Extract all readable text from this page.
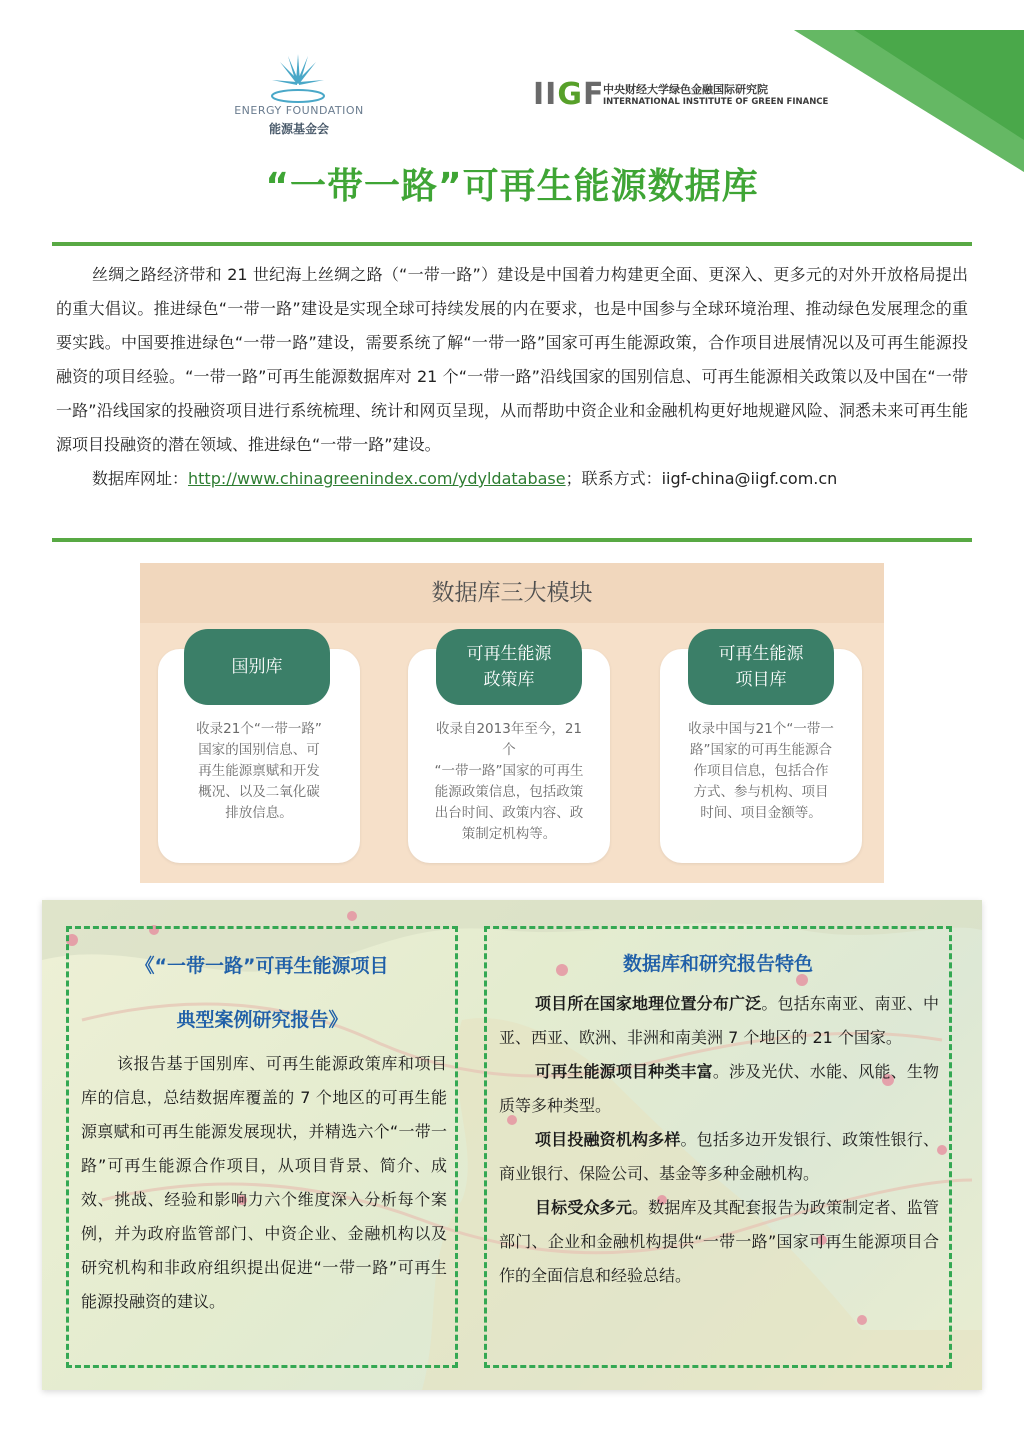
ENERGY FOUNDATION
能源基金会
IIGF
中央财经大学绿色金融国际研究院
INTERNATIONAL INSTITUTE OF GREEN FINANCE
“一带一路”可再生能源数据库

丝绸之路经济带和 21 世纪海上丝绸之路（“一带一路”）建设是中国着力构建更全面、更深入、更多元的对外开放格局提出的重大倡议。推进绿色“一带一路”建设是实现全球可持续发展的内在要求，也是中国参与全球环境治理、推动绿色发展理念的重要实践。中国要推进绿色“一带一路”建设，需要系统了解“一带一路”国家可再生能源政策，合作项目进展情况以及可再生能源投融资的项目经验。“一带一路”可再生能源数据库对 21 个“一带一路”沿线国家的国别信息、可再生能源相关政策以及中国在“一带一路”沿线国家的投融资项目进行系统梳理、统计和网页呈现，从而帮助中资企业和金融机构更好地规避风险、洞悉未来可再生能源项目投融资的潜在领域、推进绿色“一带一路”建设。

数据库网址：http://www.chinagreenindex.com/ydyldatabase；联系方式：iigf-china@iigf.com.cn

数据库三大模块
收录21个“一带一路”
国家的国别信息、可
再生能源禀赋和开发
概况、以及二氧化碳
排放信息。
收录自2013年至今，21个
“一带一路”国家的可再生
能源政策信息，包括政策
出台时间、政策内容、政
策制定机构等。
收录中国与21个“一带一
路”国家的可再生能源合
作项目信息，包括合作
方式、参与机构、项目
时间、项目金额等。
国别库
可再生能源
政策库
可再生能源
项目库
《“一带一路”可再生能源项目
典型案例研究报告》
该报告基于国别库、可再生能源政策库和项目库的信息，总结数据库覆盖的 7 个地区的可再生能源禀赋和可再生能源发展现状，并精选六个“一带一路”可再生能源合作项目，从项目背景、简介、成效、挑战、经验和影响力六个维度深入分析每个案例，并为政府监管部门、中资企业、金融机构以及研究机构和非政府组织提出促进“一带一路”可再生能源投融资的建议。
数据库和研究报告特色

项目所在国家地理位置分布广泛。包括东南亚、南亚、中亚、西亚、欧洲、非洲和南美洲 7 个地区的 21 个国家。

可再生能源项目种类丰富。涉及光伏、水能、风能、生物质等多种类型。

项目投融资机构多样。包括多边开发银行、政策性银行、商业银行、保险公司、基金等多种金融机构。

目标受众多元。数据库及其配套报告为政策制定者、监管部门、企业和金融机构提供“一带一路”国家可再生能源项目合作的全面信息和经验总结。
